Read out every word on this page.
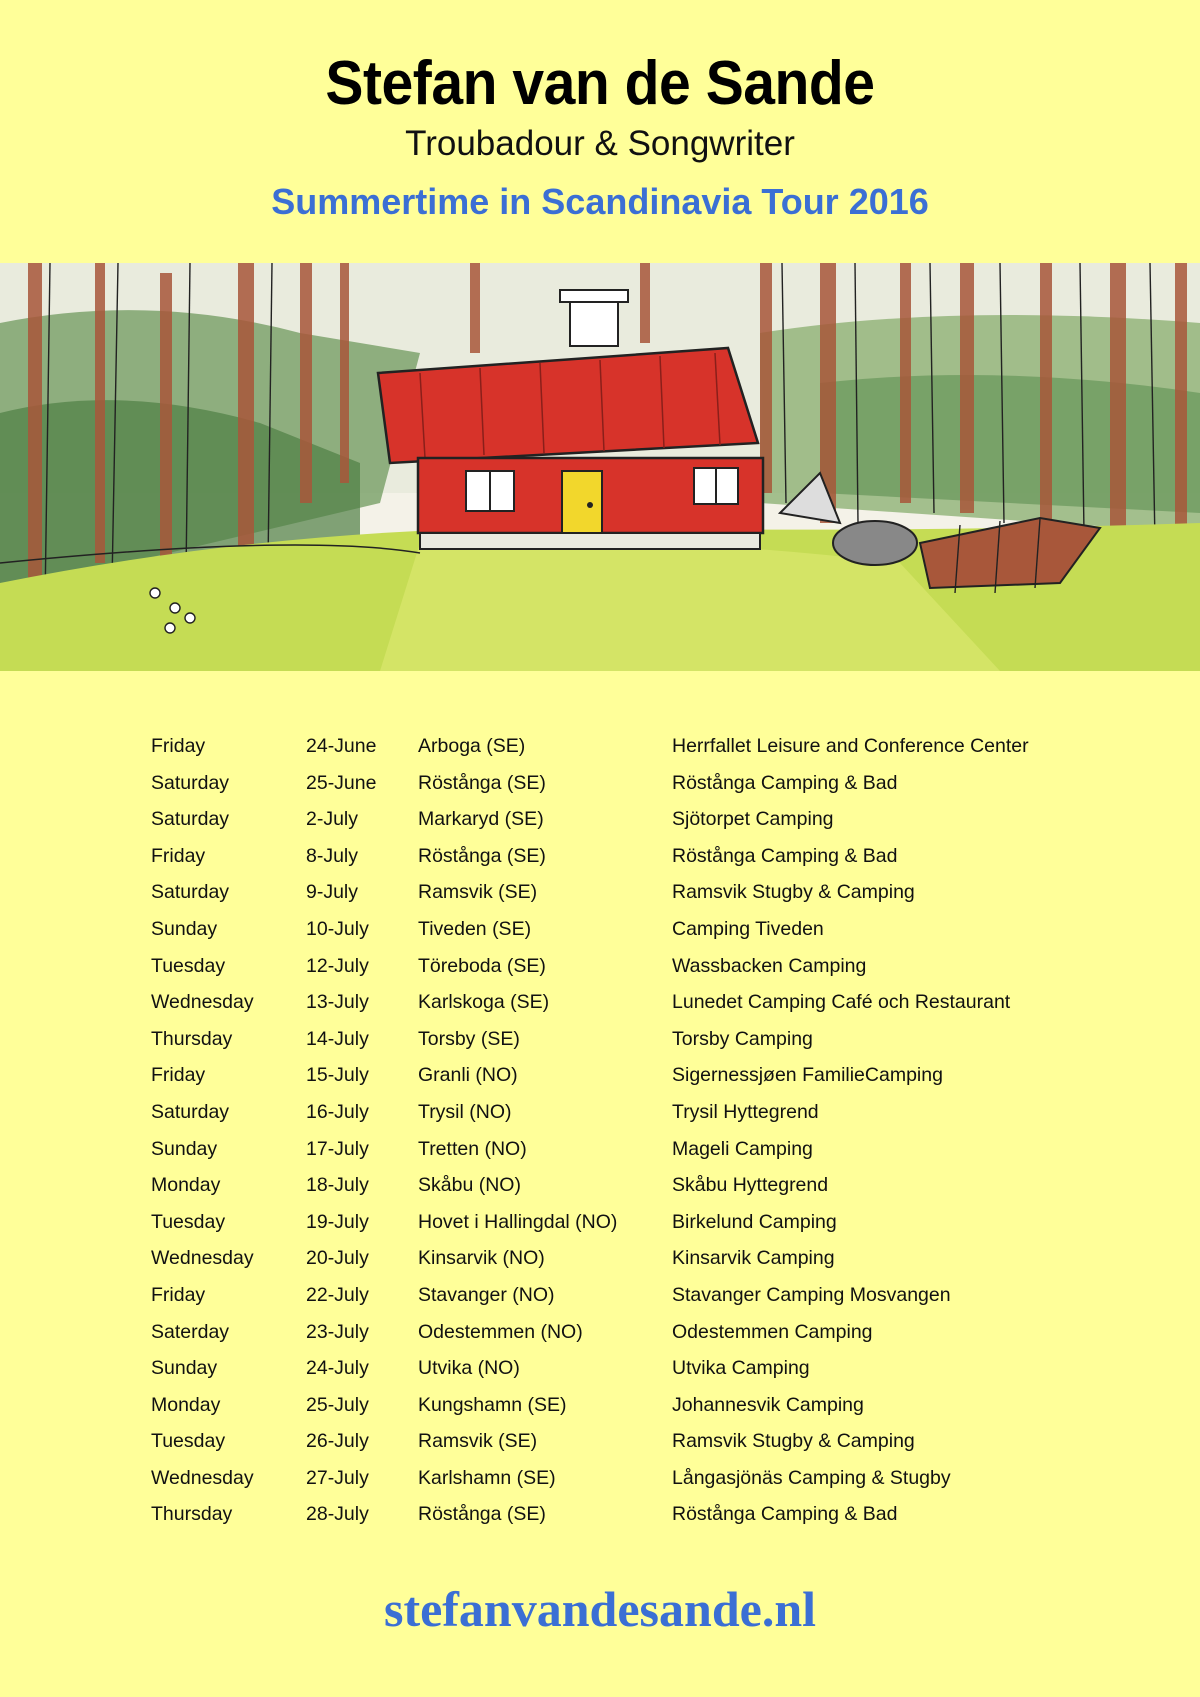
Stefan van de Sande
Troubadour & Songwriter
Summertime in Scandinavia Tour 2016
Friday	24-June Arboga (SE)	Herrfallet Leisure and Conference Center
Saturday	25-June Röstånga (SE)	Röstånga Camping & Bad
Saturday	2-July	Markaryd (SE)	Sjötorpet Camping
Friday	8-July	Röstånga (SE)	Röstånga Camping & Bad
Saturday	9-July	Ramsvik (SE)	Ramsvik Stugby & Camping
Sunday	10-July	Tiveden (SE)	Camping Tiveden
Tuesday	12-July	Töreboda (SE)	Wassbacken Camping
Wednesday	13-July	Karlskoga (SE)	Lunedet Camping Café och Restaurant
Thursday	14-July	Torsby (SE)	Torsby Camping
Friday	15-July	Granli (NO)	Sigernessjøen FamilieCamping
Saturday	16-July	Trysil (NO)	Trysil Hyttegrend
Sunday	17-July	Tretten (NO)	Mageli Camping
Monday	18-July	Skåbu (NO)	Skåbu Hyttegrend
Tuesday	19-July	Hovet i Hallingdal (NO)	Birkelund Camping
Wednesday	20-July	Kinsarvik (NO)	Kinsarvik Camping
Friday	22-July	Stavanger (NO)	Stavanger Camping Mosvangen
Saterday	23-July	Odestemmen (NO)	Odestemmen Camping
Sunday	24-July	Utvika (NO)	Utvika Camping
Monday	25-July	Kungshamn (SE)	Johannesvik Camping
Tuesday	26-July	Ramsvik (SE)	Ramsvik Stugby & Camping
Wednesday	27-July	Karlshamn (SE)	Långasjönäs Camping & Stugby
Thursday	28-July	Röstånga (SE)	Röstånga Camping & Bad
stefanvandesande.nl
